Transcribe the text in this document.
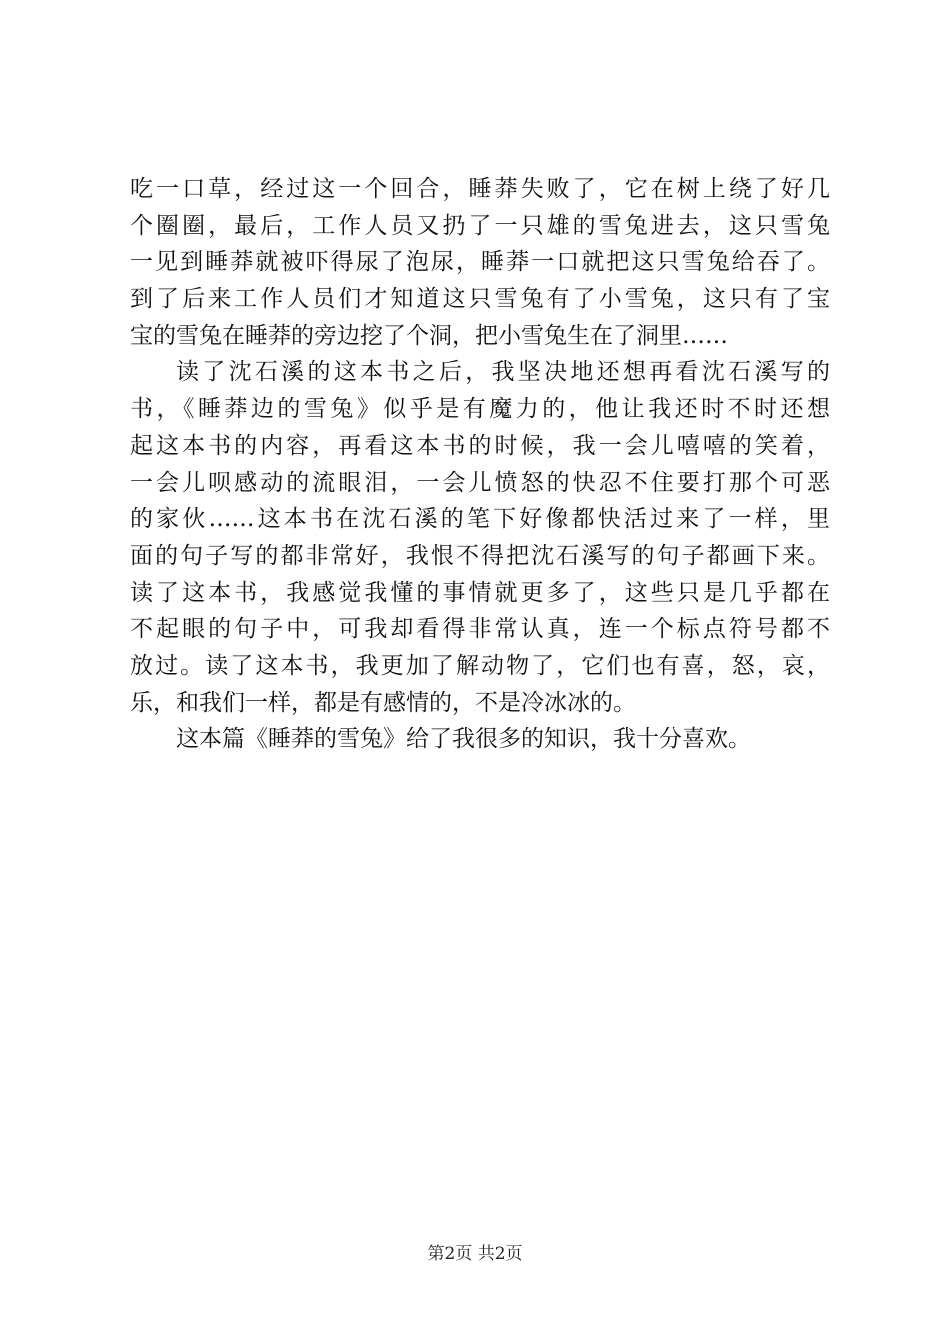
吃一口草，经过这一个回合，睡莽失败了，它在树上绕了好几
个圈圈，最后，工作人员又扔了一只雄的雪兔进去，这只雪兔
一见到睡莽就被吓得尿了泡尿，睡莽一口就把这只雪兔给吞了。
到了后来工作人员们才知道这只雪兔有了小雪兔，这只有了宝
宝的雪兔在睡莽的旁边挖了个洞，把小雪兔生在了洞里……
读了沈石溪的这本书之后，我坚决地还想再看沈石溪写的
书，《睡莽边的雪兔》似乎是有魔力的，他让我还时不时还想
起这本书的内容，再看这本书的时候，我一会儿嘻嘻的笑着，
一会儿呗感动的流眼泪，一会儿愤怒的快忍不住要打那个可恶
的家伙……这本书在沈石溪的笔下好像都快活过来了一样，里
面的句子写的都非常好，我恨不得把沈石溪写的句子都画下来。
读了这本书，我感觉我懂的事情就更多了，这些只是几乎都在
不起眼的句子中，可我却看得非常认真，连一个标点符号都不
放过。读了这本书，我更加了解动物了，它们也有喜，怒，哀，
乐，和我们一样，都是有感情的，不是冷冰冰的。
这本篇《睡莽的雪兔》给了我很多的知识，我十分喜欢。
第2页 共2页
